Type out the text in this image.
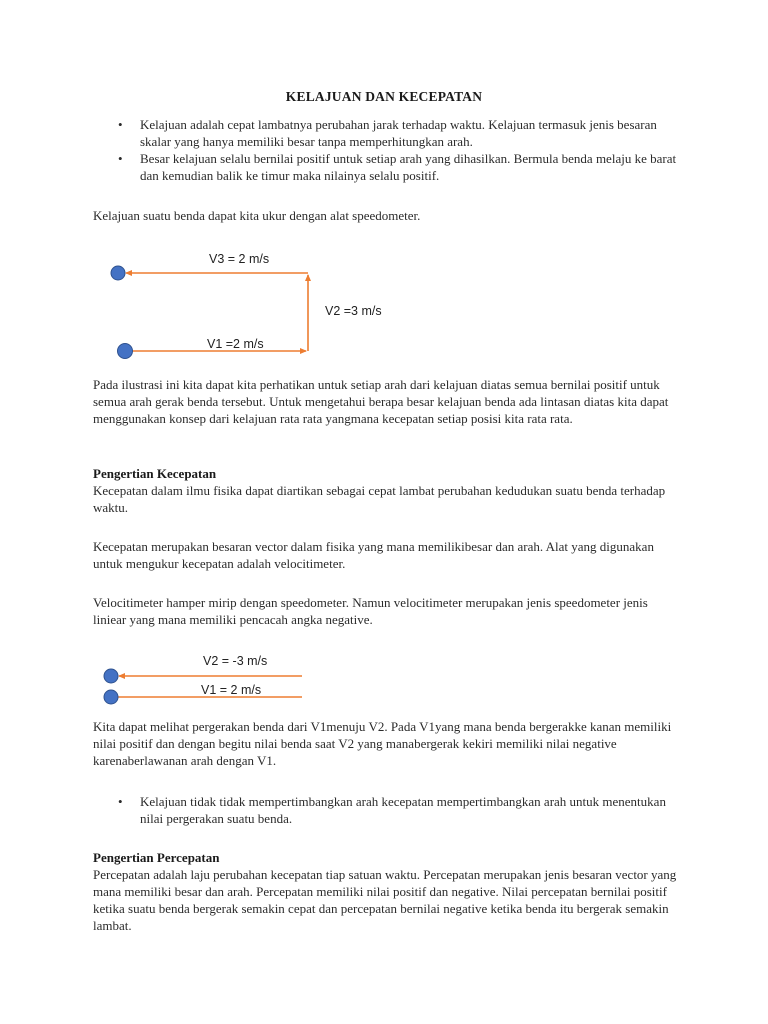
KELAJUAN DAN KECEPATAN
• Kelajuan adalah cepat lambatnya perubahan jarak terhadap waktu. Kelajuan termasuk jenis besaran skalar yang hanya memiliki besar tanpa memperhitungkan arah.
• Besar kelajuan selalu bernilai positif untuk setiap arah yang dihasilkan. Bermula benda melaju ke barat dan kemudian balik ke timur maka nilainya selalu positif.

Kelajuan suatu benda dapat kita ukur dengan alat speedometer.

V3 = 2 m/s
V2 =3 m/s
V1 =2 m/s

Pada ilustrasi ini kita dapat kita perhatikan untuk setiap arah dari kelajuan diatas semua bernilai positif untuk semua arah gerak benda tersebut. Untuk mengetahui berapa besar kelajuan benda ada lintasan diatas kita dapat menggunakan konsep dari kelajuan rata rata yangmana kecepatan setiap posisi kita rata rata.

Pengertian Kecepatan
Kecepatan dalam ilmu fisika dapat diartikan sebagai cepat lambat perubahan kedudukan suatu benda terhadap waktu.

Kecepatan merupakan besaran vector dalam fisika yang mana memilikibesar dan arah. Alat yang digunakan untuk mengukur kecepatan adalah velocitimeter.

Velocitimeter hamper mirip dengan speedometer. Namun velocitimeter merupakan jenis speedometer jenis liniear yang mana memiliki pencacah angka negative.

V2 = -3 m/s
V1 = 2 m/s

Kita dapat melihat pergerakan benda dari V1menuju V2. Pada V1yang mana benda bergerakke kanan memiliki nilai positif dan dengan begitu nilai benda saat V2 yang manabergerak kekiri memiliki nilai negative karenaberlawanan arah dengan V1.

• Kelajuan tidak tidak mempertimbangkan arah kecepatan mempertimbangkan arah untuk menentukan nilai pergerakan suatu benda.
Pengertian Percepatan
Percepatan adalah laju perubahan kecepatan tiap satuan waktu. Percepatan merupakan jenis besaran vector yang mana memiliki besar dan arah. Percepatan memiliki nilai positif dan negative. Nilai percepatan bernilai positif ketika suatu benda bergerak semakin cepat dan percepatan bernilai negative ketika benda itu bergerak semakin lambat.
